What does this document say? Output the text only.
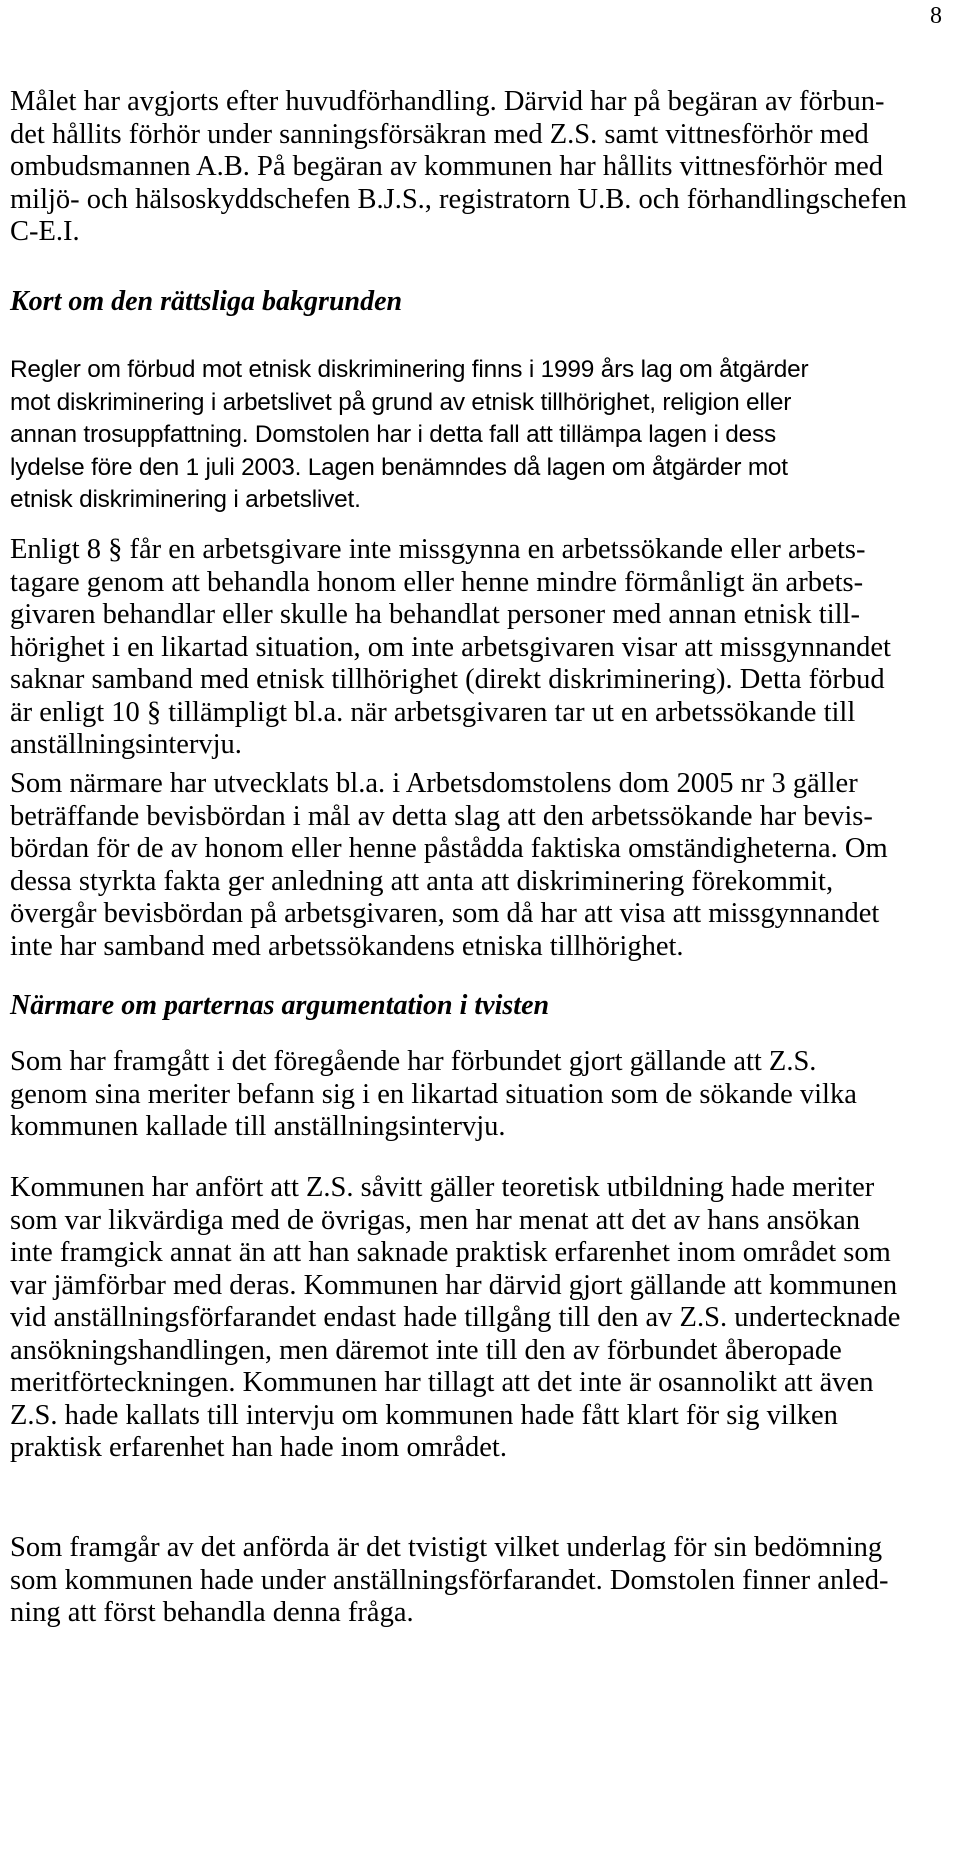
8

Målet har avgjorts efter huvudförhandling. Därvid har på begäran av förbun-
det hållits förhör under sanningsförsäkran med Z.S. samt vittnesförhör med
ombudsmannen A.B. På begäran av kommunen har hållits vittnesförhör med
miljö- och hälsoskyddschefen B.J.S., registratorn U.B. och förhandlingschefen
C-E.I.

Kort om den rättsliga bakgrunden

Regler om förbud mot etnisk diskriminering finns i 1999 års lag om åtgärder
mot diskriminering i arbetslivet på grund av etnisk tillhörighet, religion eller
annan trosuppfattning. Domstolen har i detta fall att tillämpa lagen i dess
lydelse före den 1 juli 2003. Lagen benämndes då lagen om åtgärder mot
etnisk diskriminering i arbetslivet.

Enligt 8 § får en arbetsgivare inte missgynna en arbetssökande eller arbets-
tagare genom att behandla honom eller henne mindre förmånligt än arbets-
givaren behandlar eller skulle ha behandlat personer med annan etnisk till-
hörighet i en likartad situation, om inte arbetsgivaren visar att missgynnandet
saknar samband med etnisk tillhörighet (direkt diskriminering). Detta förbud
är enligt 10 § tillämpligt bl.a. när arbetsgivaren tar ut en arbetssökande till
anställningsintervju.

Som närmare har utvecklats bl.a. i Arbetsdomstolens dom 2005 nr 3 gäller
beträffande bevisbördan i mål av detta slag att den arbetssökande har bevis-
bördan för de av honom eller henne påstådda faktiska omständigheterna. Om
dessa styrkta fakta ger anledning att anta att diskriminering förekommit,
övergår bevisbördan på arbetsgivaren, som då har att visa att missgynnandet
inte har samband med arbetssökandens etniska tillhörighet.

Närmare om parternas argumentation i tvisten

Som har framgått i det föregående har förbundet gjort gällande att Z.S.
genom sina meriter befann sig i en likartad situation som de sökande vilka
kommunen kallade till anställningsintervju.

Kommunen har anfört att Z.S. såvitt gäller teoretisk utbildning hade meriter
som var likvärdiga med de övrigas, men har menat att det av hans ansökan
inte framgick annat än att han saknade praktisk erfarenhet inom området som
var jämförbar med deras. Kommunen har därvid gjort gällande att kommunen
vid anställningsförfarandet endast hade tillgång till den av Z.S. undertecknade
ansökningshandlingen, men däremot inte till den av förbundet åberopade
meritförteckningen. Kommunen har tillagt att det inte är osannolikt att även
Z.S. hade kallats till intervju om kommunen hade fått klart för sig vilken
praktisk erfarenhet han hade inom området.

Som framgår av det anförda är det tvistigt vilket underlag för sin bedömning
som kommunen hade under anställningsförfarandet. Domstolen finner anled-
ning att först behandla denna fråga.
